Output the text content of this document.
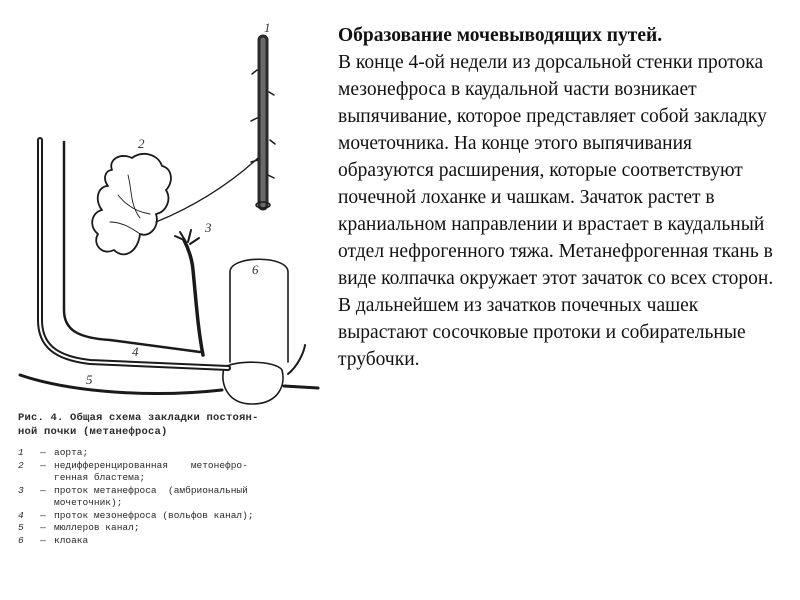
1
2
3
6
4
5
Рис. 4. Общая схема закладки постоян-
ной почки (метанефроса)
1	— аорта;
2	— недифференцированная    метонефро-
генная бластема;
3	— проток метанефроса  (амбриональный
мочеточник);
4	— проток мезонефроса (вольфов канал);
5	— мюллеров канал;
6	— клоака
Образование мочевыводящих путей.
В конце 4-ой недели из дорсальной стенки протока мезонефроса в каудальной части возникает выпячивание, которое представляет собой закладку мочеточника. На конце этого выпячивания образуются расширения, которые соответствуют почечной лоханке и чашкам. Зачаток растет в краниальном направлении и врастает в каудальный отдел нефрогенного тяжа. Метанефрогенная ткань в виде колпачка окружает этот зачаток со всех сторон. В дальнейшем из зачатков почечных чашек вырастают сосочковые протоки и собирательные трубочки.
